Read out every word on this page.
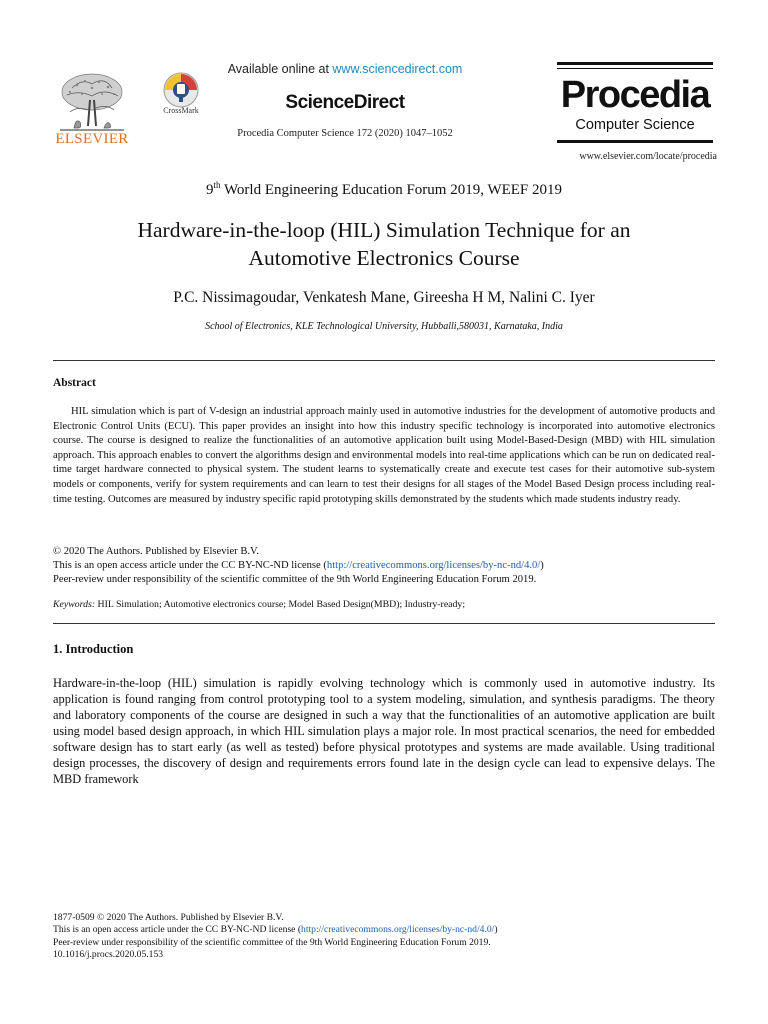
ELSEVIER
CrossMark
Available online at www.sciencedirect.com
ScienceDirect
Procedia Computer Science 172 (2020) 1047–1052
Procedia
Computer Science
www.elsevier.com/locate/procedia
9th World Engineering Education Forum 2019, WEEF 2019
Hardware-in-the-loop (HIL) Simulation Technique for an
Automotive Electronics Course
P.C. Nissimagoudar, Venkatesh Mane, Gireesha H M, Nalini C. Iyer
School of Electronics, KLE Technological University, Hubballi,580031, Karnataka, India
Abstract
HIL simulation which is part of V-design an industrial approach mainly used in automotive industries for the development of automotive products and Electronic Control Units (ECU). This paper provides an insight into how this industry specific technology is incorporated into automotive electronics course. The course is designed to realize the functionalities of an automotive application built using Model-Based-Design (MBD) with HIL simulation approach. This approach enables to convert the algorithms design and environmental models into real-time applications which can be run on dedicated real-time target hardware connected to physical system. The student learns to systematically create and execute test cases for their automotive sub-system models or components, verify for system requirements and can learn to test their designs for all stages of the Model Based Design process including real-time testing. Outcomes are measured by industry specific rapid prototyping skills demonstrated by the students which made students industry ready.
© 2020 The Authors. Published by Elsevier B.V.
This is an open access article under the CC BY-NC-ND license (http://creativecommons.org/licenses/by-nc-nd/4.0/)
Peer-review under responsibility of the scientific committee of the 9th World Engineering Education Forum 2019.
Keywords: HIL Simulation; Automotive electronics course; Model Based Design(MBD); Industry-ready;
1. Introduction
Hardware-in-the-loop (HIL) simulation is rapidly evolving technology which is commonly used in automotive industry. Its application is found ranging from control prototyping tool to a system modeling, simulation, and synthesis paradigms. The theory and laboratory components of the course are designed in such a way that the functionalities of an automotive application are built using model based design approach, in which HIL simulation plays a major role. In most practical scenarios, the need for embedded software design has to start early (as well as tested) before physical prototypes and systems are made available. Using traditional design processes, the discovery of design and requirements errors found late in the design cycle can lead to expensive delays. The MBD framework
1877-0509 © 2020 The Authors. Published by Elsevier B.V.
This is an open access article under the CC BY-NC-ND license (http://creativecommons.org/licenses/by-nc-nd/4.0/)
Peer-review under responsibility of the scientific committee of the 9th World Engineering Education Forum 2019.
10.1016/j.procs.2020.05.153
